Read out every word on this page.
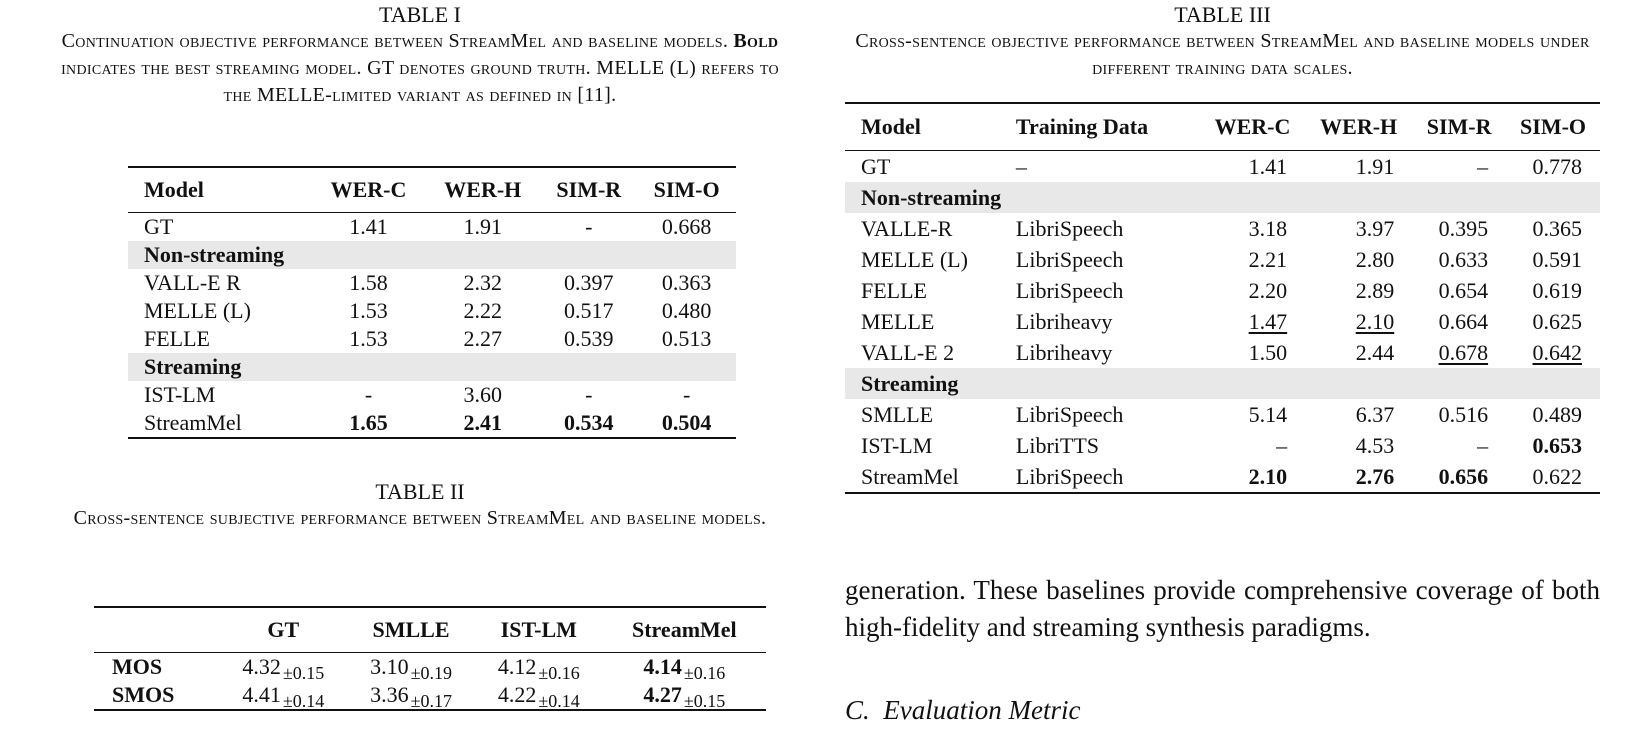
TABLE I
Continuation objective performance between StreamMel and baseline models. Bold indicates the best streaming model. GT denotes ground truth. MELLE (L) refers to the MELLE-limited variant as defined in [11].
Model	WER-C	WER-H	SIM-R	SIM-O
GT	1.41	1.91	-	0.668
Non-streaming				
VALL-E R	1.58	2.32	0.397	0.363
MELLE (L)	1.53	2.22	0.517	0.480
FELLE	1.53	2.27	0.539	0.513
Streaming				
IST-LM	-	3.60	-	-
StreamMel	1.65	2.41	0.534	0.504
TABLE II
Cross-sentence subjective performance between StreamMel and baseline models.
	GT	SMLLE	IST-LM	StreamMel
MOS	4.32 $_{\pm 0.15}$	3.10 $_{\pm 0.19}$	4.12 $_{\pm 0.16}$	4.14 $_{\pm 0.16}$
SMOS	4.41 $_{\pm 0.14}$	3.36 $_{\pm 0.17}$	4.22 $_{\pm 0.14}$	4.27 $_{\pm 0.15}$
TABLE III
Cross-sentence objective performance between StreamMel and baseline models under different training data scales.
Model	Training Data	WER-C	WER-H	SIM-R	SIM-O
GT	–	1.41	1.91	–	0.778
Non-streaming					
VALLE-R	LibriSpeech	3.18	3.97	0.395	0.365
MELLE (L)	LibriSpeech	2.21	2.80	0.633	0.591
FELLE	LibriSpeech	2.20	2.89	0.654	0.619
MELLE	Libriheavy	1.47	2.10	0.664	0.625
VALL-E 2	Libriheavy	1.50	2.44	0.678	0.642
Streaming					
SMLLE	LibriSpeech	5.14	6.37	0.516	0.489
IST-LM	LibriTTS	–	4.53	–	0.653
StreamMel	LibriSpeech	2.10	2.76	0.656	0.622
generation. These baselines provide comprehensive coverage of both high-fidelity and streaming synthesis paradigms.
C.  Evaluation Metric
